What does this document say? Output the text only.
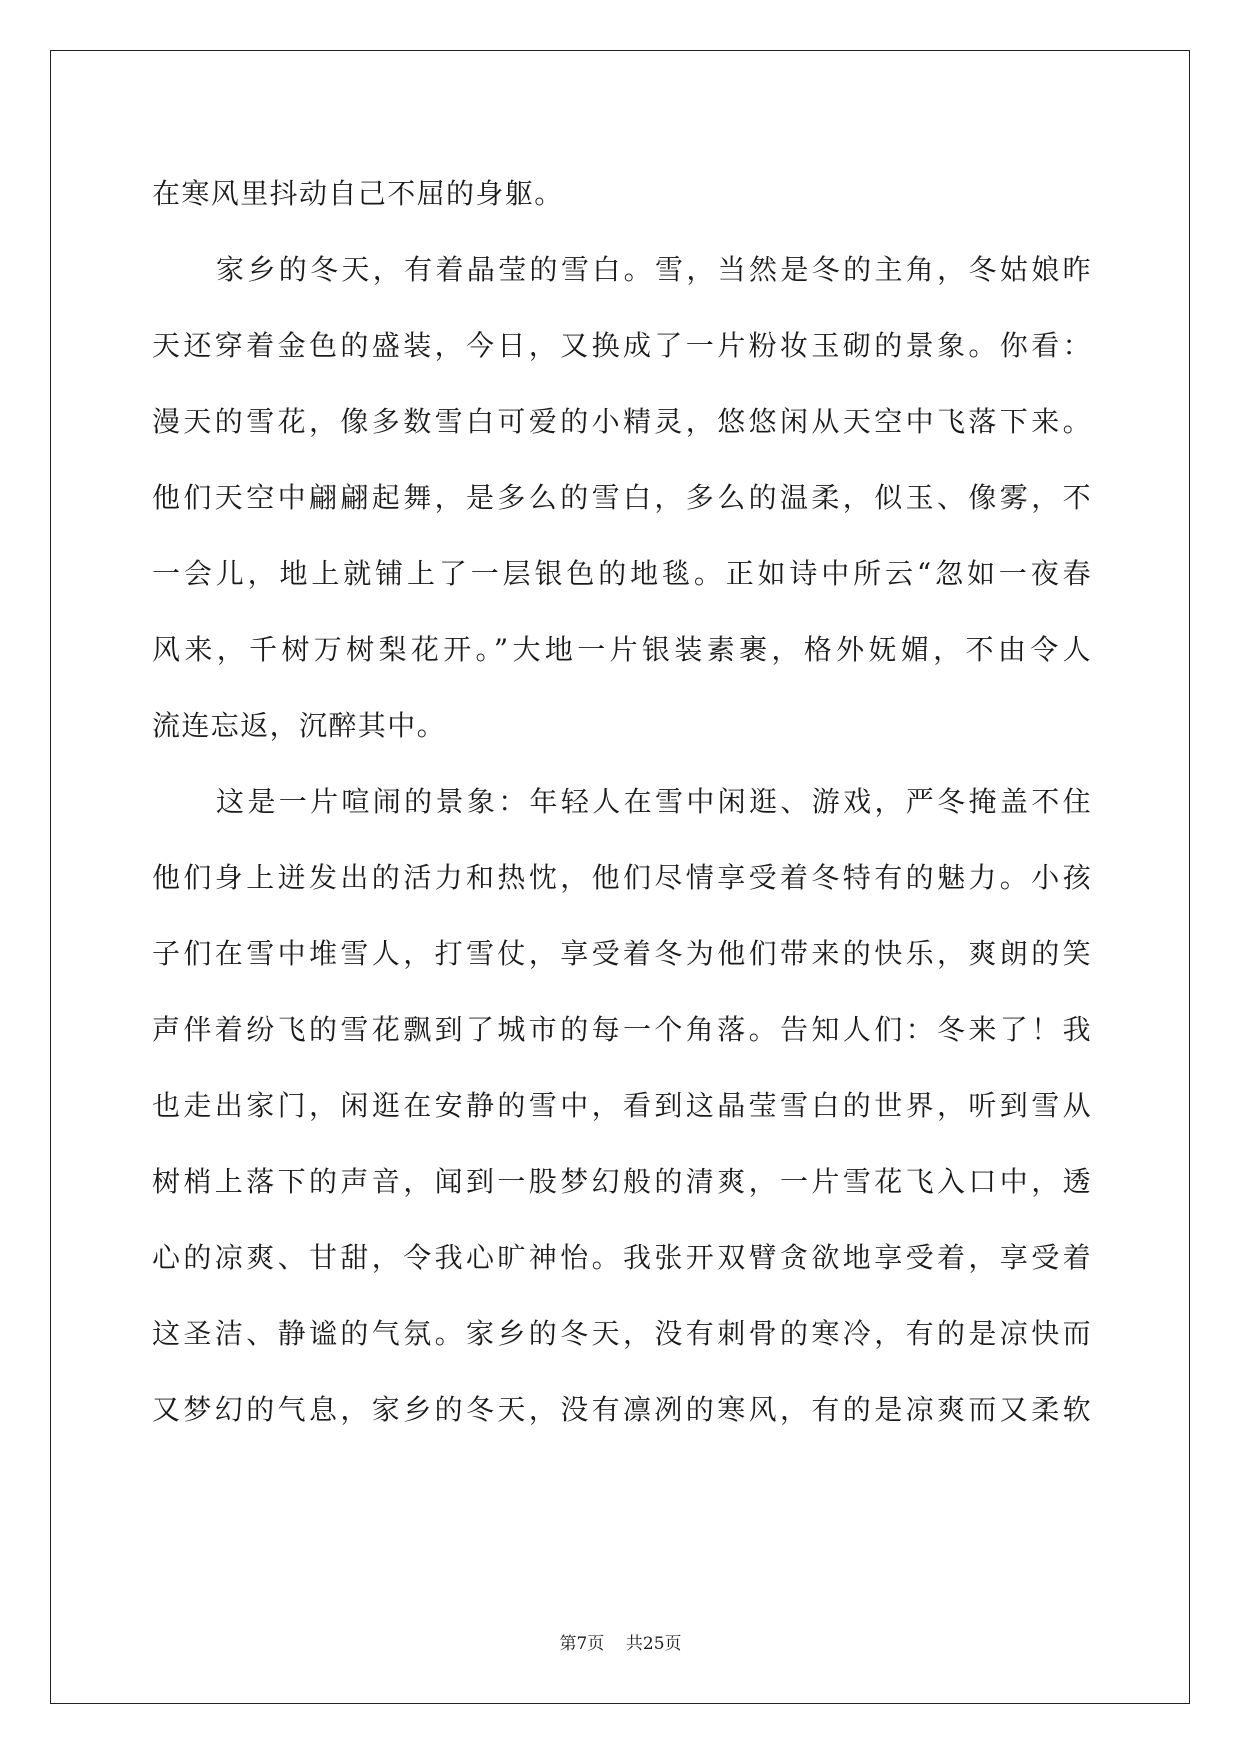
在寒风里抖动自己不屈的身躯。
家乡的冬天，有着晶莹的雪白。雪，当然是冬的主角，冬姑娘昨
天还穿着金色的盛装，今日，又换成了一片粉妆玉砌的景象。你看：
漫天的雪花，像多数雪白可爱的小精灵，悠悠闲从天空中飞落下来。
他们天空中翩翩起舞，是多么的雪白，多么的温柔，似玉、像雾，不
一会儿，地上就铺上了一层银色的地毯。正如诗中所云“忽如一夜春
风来，千树万树梨花开。”大地一片银装素裹，格外妩媚，不由令人
流连忘返，沉醉其中。
这是一片喧闹的景象：年轻人在雪中闲逛、游戏，严冬掩盖不住
他们身上迸发出的活力和热忱，他们尽情享受着冬特有的魅力。小孩
子们在雪中堆雪人，打雪仗，享受着冬为他们带来的快乐，爽朗的笑
声伴着纷飞的雪花飘到了城市的每一个角落。告知人们：冬来了！我
也走出家门，闲逛在安静的雪中，看到这晶莹雪白的世界，听到雪从
树梢上落下的声音，闻到一股梦幻般的清爽，一片雪花飞入口中，透
心的凉爽、甘甜，令我心旷神怡。我张开双臂贪欲地享受着，享受着
这圣洁、静谧的气氛。家乡的冬天，没有刺骨的寒冷，有的是凉快而
又梦幻的气息，家乡的冬天，没有凛冽的寒风，有的是凉爽而又柔软
第7页 共25页
